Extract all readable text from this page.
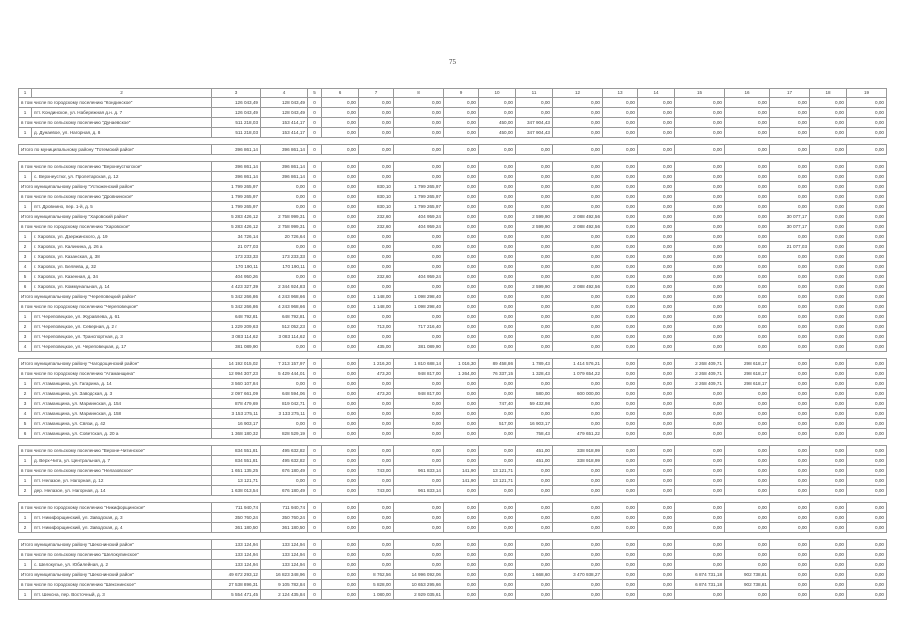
75
1	2	3	4	5	6	7	8	9	10	11	12	13	14	15	16	17	18	19
в том числе по городскому поселению "Кондинское"		126 043,49	128 043,49	0	0,00	0,00	0,00	0,00	0,00	0,00	0,00	0,00	0,00	0,00	0,00	0,00	0,00	0,00
1	пгт. Кондинское, ул. Набережная д.н. д. 7	126 043,49	128 043,49	0	0,00	0,00	0,00	0,00	0,00	0,00	0,00	0,00	0,00	0,00	0,00	0,00	0,00	0,00
в том числе по сельскому поселению "Дунаевское"		511 218,03	153 414,17	0	0,00	0,00	0,00	0,00	450,00	347 904,43	0,00	0,00	0,00	0,00	0,00	0,00	0,00	0,00
1	д. Дунаевое, ул. Нагорная, д. 8	511 218,03	153 414,17	0	0,00	0,00	0,00	0,00	450,00	347 904,43	0,00	0,00	0,00	0,00	0,00	0,00	0,00	0,00

Итого по муниципальному району "Тотемский район"		396 861,14	396 861,14	0	0,00	0,00	0,00	0,00	0,00	0,00	0,00	0,00	0,00	0,00	0,00	0,00	0,00	0,00

в том числе по сельскому поселению "Верхнеустюгское"		396 861,14	396 861,14	0	0,00	0,00	0,00	0,00	0,00	0,00	0,00	0,00	0,00	0,00	0,00	0,00	0,00	0,00
1	с. Верхнеустюг, ул. Пролетарская, д. 12	396 861,14	396 861,14	0	0,00	0,00	0,00	0,00	0,00	0,00	0,00	0,00	0,00	0,00	0,00	0,00	0,00	0,00
Итого муниципальному району "Устюженский район"		1 799 265,97	0,00	0	0,00	830,10	1 799 265,97	0,00	0,00	0,00	0,00	0,00	0,00	0,00	0,00	0,00	0,00	0,00
в том числе по сельскому поселению "Дровнинское"		1 799 265,97	0,00	0	0,00	830,10	1 799 265,97	0,00	0,00	0,00	0,00	0,00	0,00	0,00	0,00	0,00	0,00	0,00
1	пгт. Дровнино, пер. 1-й, д. 5	1 799 265,97	0,00	0	0,00	830,10	1 799 265,97	0,00	0,00	0,00	0,00	0,00	0,00	0,00	0,00	0,00	0,00	0,00
Итого муниципальному району "Харовский район"		5 283 426,12	2 758 999,31	0	0,00	232,60	404 959,24	0,00	0,00	2 599,90	2 088 492,56	0,00	0,00	0,00	0,00	30 077,17	0,00	0,00
в том числе по городскому поселению "Харовское"		5 283 426,12	2 758 999,31	0	0,00	232,60	404 959,24	0,00	0,00	2 599,90	2 088 492,56	0,00	0,00	0,00	0,00	30 077,17	0,00	0,00
1	г. Харовск, ул. Дзержинского, д. 19	34 726,14	20 726,64	0	0,00	0,00	0,00	0,00	0,00	0,00	0,00	0,00	0,00	0,00	0,00	0,00	0,00	0,00
2	г. Харовск, ул. Калинина, д. 26 а	21 077,03	0,00	0	0,00	0,00	0,00	0,00	0,00	0,00	0,00	0,00	0,00	0,00	0,00	21 077,03	0,00	0,00
3	г. Харовск, ул. Казанская, д. 38	173 233,33	173 233,33	0	0,00	0,00	0,00	0,00	0,00	0,00	0,00	0,00	0,00	0,00	0,00	0,00	0,00	0,00
4	г. Харовск, ул. Беляева, д. 32	170 190,11	170 190,11	0	0,00	0,00	0,00	0,00	0,00	0,00	0,00	0,00	0,00	0,00	0,00	0,00	0,00	0,00
5	г. Харовск, ул. Казенная, д. 34	404 950,26	0,00	0	0,00	232,60	404 959,24	0,00	0,00	0,00	0,00	0,00	0,00	0,00	0,00	0,00	0,00	0,00
6	г. Харовск, ул. Коммунальная, д. 14	4 423 327,39	2 344 924,83	0	0,00	0,00	0,00	0,00	0,00	2 599,90	2 088 492,56	0,00	0,00	0,00	0,00	0,00	0,00	0,00
Итого муниципальному району "Череповецкий район"		5 342 266,86	4 243 968,66	0	0,00	1 148,00	1 098 298,40	0,00	0,00	0,00	0,00	0,00	0,00	0,00	0,00	0,00	0,00	0,00
в том числе по городскому поселению "Череповецкое"		5 342 266,86	4 243 968,66	0	0,00	1 148,00	1 098 298,40	0,00	0,00	0,00	0,00	0,00	0,00	0,00	0,00	0,00	0,00	0,00
1	пгт. Череповецкое, ул. Журавлева, д. 61	648 792,81	648 792,81	0	0,00	0,00	0,00	0,00	0,00	0,00	0,00	0,00	0,00	0,00	0,00	0,00	0,00	0,00
2	пгт. Череповецкое, ул. Северная, д. 2 г	1 229 209,63	512 052,23	0	0,00	713,00	717 216,40	0,00	0,00	0,00	0,00	0,00	0,00	0,00	0,00	0,00	0,00	0,00
3	пгт. Череповецкое, ул. Транспортная, д. 3	3 083 114,62	3 083 114,62	0	0,00	0,00	0,00	0,00	0,00	0,00	0,00	0,00	0,00	0,00	0,00	0,00	0,00	0,00
4	пгт. Череповецкое, ул. Череповецкая, д. 17	381 089,90	0,00	0	0,00	435,00	381 089,90	0,00	0,00	0,00	0,00	0,00	0,00	0,00	0,00	0,00	0,00	0,00

Итого муниципальному району "Чагодощенский район"		14 192 015,02	7 213 157,97	0	0,00	1 216,20	1 810 688,14	1 016,30	89 458,86	1 789,43	1 414 576,21	0,00	0,00	2 268 409,71	298 618,17	0,00	0,00	0,00
в том числе по городскому поселению "Атаманщина"		12 994 307,23	5 429 444,01	0	0,00	473,20	948 817,00	1 264,00	76 337,15	1 328,43	1 079 654,22	0,00	0,00	2 268 409,71	298 618,17	0,00	0,00	0,00
1	пгт. Атаманщина, ул. Гагарина, д. 14	3 560 107,84	0,00	0	0,00	0,00	0,00	0,00	0,00	0,00	0,00	0,00	0,00	2 268 409,71	298 618,17	0,00	0,00	0,00
2	пгт. Атаманщина, ул. Заводская, д. 3	2 097 661,09	648 594,06	0	0,00	473,20	948 817,00	0,00	0,00	580,00	600 000,00	0,00	0,00	0,00	0,00	0,00	0,00	0,00
3	пгт. Атаманщина, ул. Мариинская, д. 154	878 479,69	819 042,71	0	0,00	0,00	0,00	0,00	747,40	59 432,98	0,00	0,00	0,00	0,00	0,00	0,00	0,00	0,00
4	пгт. Атаманщина, ул. Мариинская, д. 158	3 153 275,11	3 133 275,11	0	0,00	0,00	0,00	0,00	0,00	0,00	0,00	0,00	0,00	0,00	0,00	0,00	0,00	0,00
5	пгт. Атаманщина, ул. Связи, д. 42	16 903,17	0,00	0	0,00	0,00	0,00	0,00	517,00	16 903,17	0,00	0,00	0,00	0,00	0,00	0,00	0,00	0,00
6	пгт. Атаманщина, ул. Советская, д. 20 а	1 368 180,32	828 529,19	0	0,00	0,00	0,00	0,00	0,00	758,43	479 651,22	0,00	0,00	0,00	0,00	0,00	0,00	0,00

в том числе по сельскому поселению "Верхне-Читинское"		834 551,81	495 632,82	0	0,00	0,00	0,00	0,00	0,00	451,00	338 918,99	0,00	0,00	0,00	0,00	0,00	0,00	0,00
1	д. Верх-Чита, ул. Центральная, д. 7	834 551,81	495 632,82	0	0,00	0,00	0,00	0,00	0,00	451,00	338 918,99	0,00	0,00	0,00	0,00	0,00	0,00	0,00
в том числе по сельскому поселению "Нелазовское"		1 651 135,25	676 180,49	0	0,00	743,00	961 833,14	141,90	13 121,71	0,00	0,00	0,00	0,00	0,00	0,00	0,00	0,00	0,00
1	пгт. Нелазое, ул. Нагорная, д. 12	13 121,71	0,00	0	0,00	0,00	0,00	141,90	13 121,71	0,00	0,00	0,00	0,00	0,00	0,00	0,00	0,00	0,00
2	дер. Нелазое, ул. Нагорная, д. 14	1 638 013,54	676 180,49	0	0,00	743,00	961 833,14	0,00	0,00	0,00	0,00	0,00	0,00	0,00	0,00	0,00	0,00	0,00

в том числе по городскому поселению "Никифорщинское"		711 940,74	711 940,74	0	0,00	0,00	0,00	0,00	0,00	0,00	0,00	0,00	0,00	0,00	0,00	0,00	0,00	0,00
1	пгт. Никифорщинский, ул. Заводская, д. 3	350 760,24	350 760,24	0	0,00	0,00	0,00	0,00	0,00	0,00	0,00	0,00	0,00	0,00	0,00	0,00	0,00	0,00
2	пгт. Никифорщинский, ул. Заводская, д. 4	361 180,50	361 180,50	0	0,00	0,00	0,00	0,00	0,00	0,00	0,00	0,00	0,00	0,00	0,00	0,00	0,00	0,00

Итого муниципальному району "Шекснинский район"		133 124,94	133 124,94	0	0,00	0,00	0,00	0,00	0,00	0,00	0,00	0,00	0,00	0,00	0,00	0,00	0,00	0,00
в том числе по сельскому поселению "Шелокупинское"		133 124,94	133 124,94	0	0,00	0,00	0,00	0,00	0,00	0,00	0,00	0,00	0,00	0,00	0,00	0,00	0,00	0,00
1	с. Шелокупье, ул. Юбилейная, д. 2	133 124,94	133 124,94	0	0,00	0,00	0,00	0,00	0,00	0,00	0,00	0,00	0,00	0,00	0,00	0,00	0,00	0,00
Итого муниципальному району "Шекснинский район"		49 672 293,12	16 823 348,96	0	0,00	8 762,56	14 996 092,06	0,00	0,00	1 668,60	3 470 938,27	0,00	0,00	6 874 731,18	902 738,81	0,00	0,00	0,00
в том числе по городскому поселению "Шекснинское"		27 538 896,31	9 105 782,84	0	0,00	5 828,00	10 653 295,66	0,00	0,00	0,00	0,00	0,00	0,00	6 874 731,18	902 738,81	0,00	0,00	0,00
1	пгт. Шексна, пер. Восточный, д. 3	5 554 471,45	2 124 435,84	0	0,00	1 080,00	2 929 035,61	0,00	0,00	0,00	0,00	0,00	0,00	0,00	0,00	0,00	0,00	0,00
